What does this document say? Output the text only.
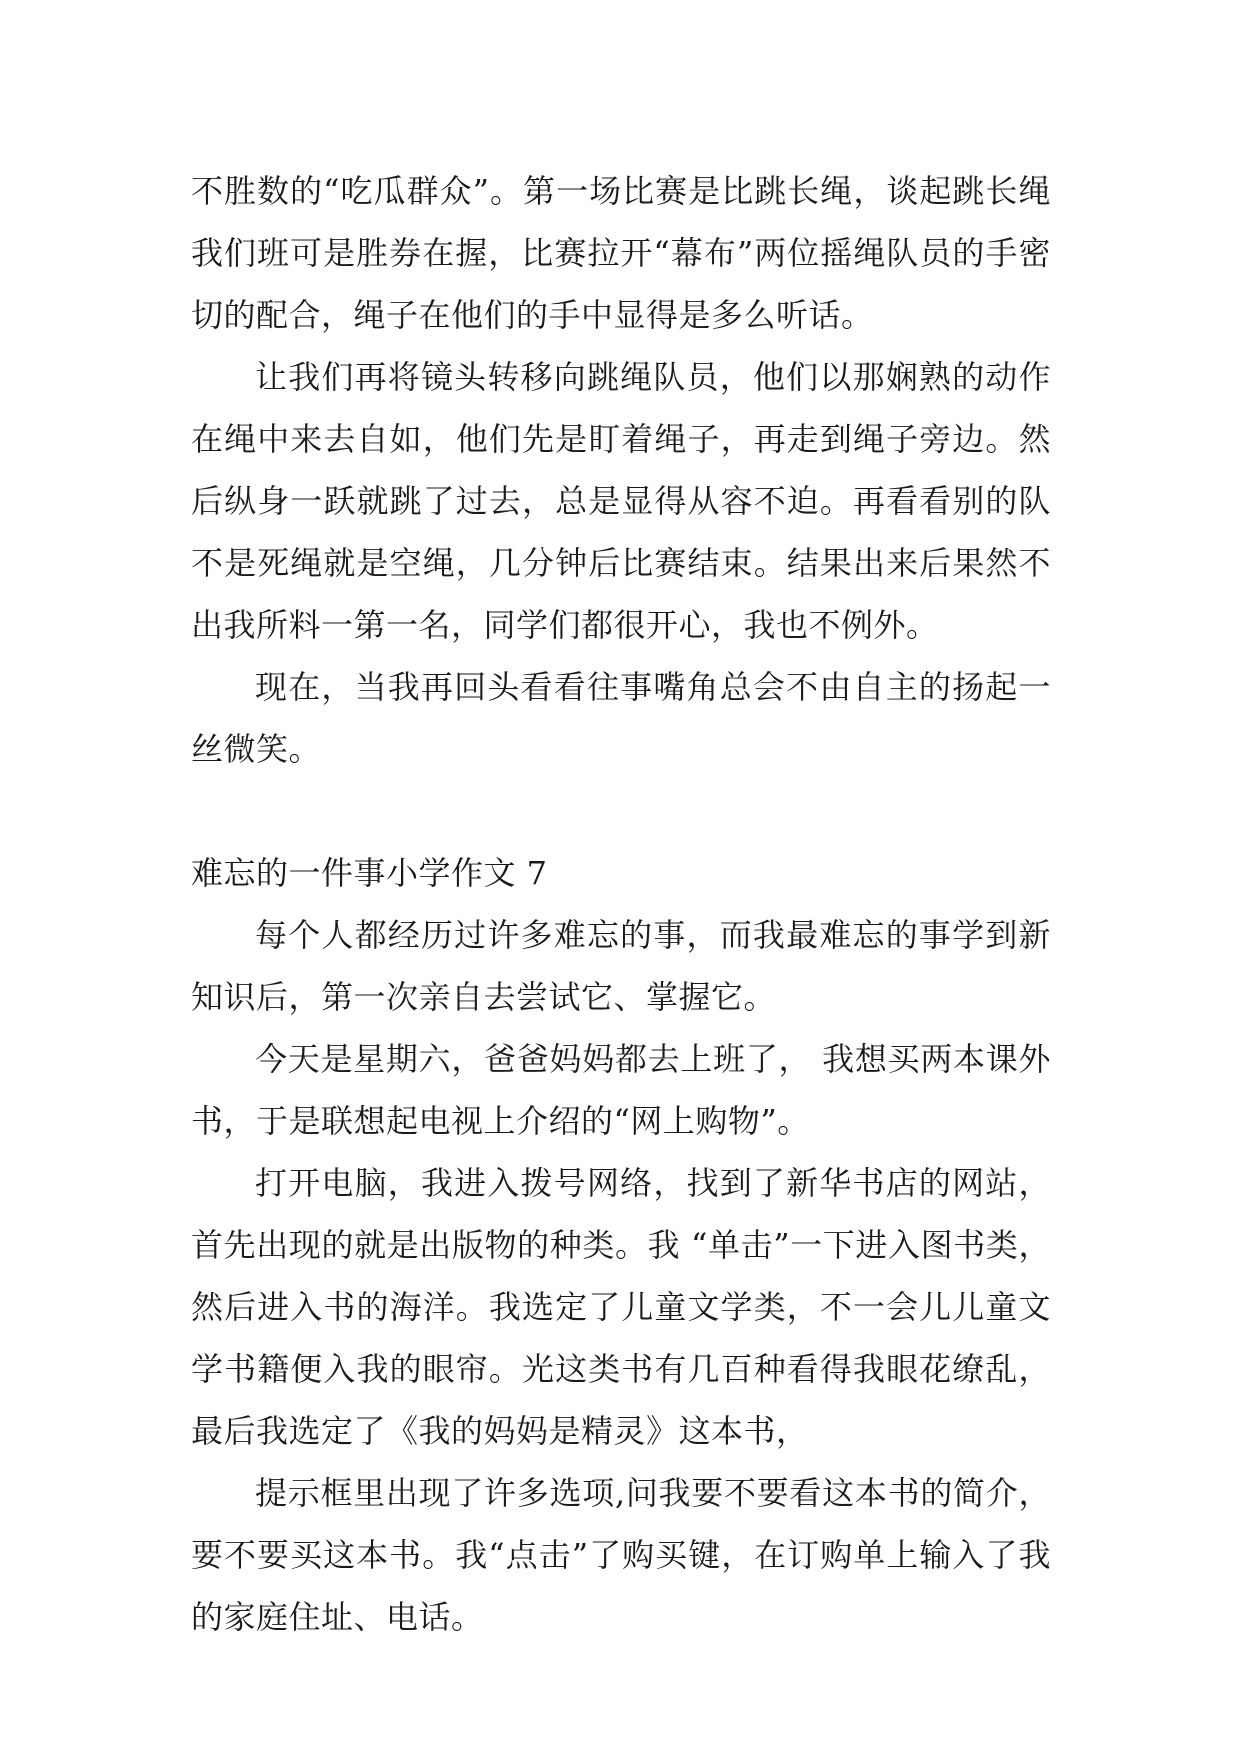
不胜数的“吃瓜群众”。第一场比赛是比跳长绳，谈起跳长绳我们班可是胜券在握，比赛拉开“幕布”两位摇绳队员的手密切的配合，绳子在他们的手中显得是多么听话。

让我们再将镜头转移向跳绳队员，他们以那娴熟的动作在绳中来去自如，他们先是盯着绳子，再走到绳子旁边。然后纵身一跃就跳了过去，总是显得从容不迫。再看看别的队不是死绳就是空绳，几分钟后比赛结束。结果出来后果然不出我所料一第一名，同学们都很开心，我也不例外。

现在，当我再回头看看往事嘴角总会不由自主的扬起一丝微笑。

难忘的一件事小学作文 7

每个人都经历过许多难忘的事，而我最难忘的事学到新知识后，第一次亲自去尝试它、掌握它。

今天是星期六，爸爸妈妈都去上班了， 我想买两本课外书，于是联想起电视上介绍的“网上购物”。

打开电脑，我进入拨号网络，找到了新华书店的网站，首先出现的就是出版物的种类。我 “单击”一下进入图书类，然后进入书的海洋。我选定了儿童文学类，不一会儿儿童文学书籍便入我的眼帘。光这类书有几百种看得我眼花缭乱，最后我选定了《我的妈妈是精灵》这本书，

提示框里出现了许多选项,问我要不要看这本书的简介，要不要买这本书。我“点击”了购买键，在订购单上输入了我的家庭住址、电话。
